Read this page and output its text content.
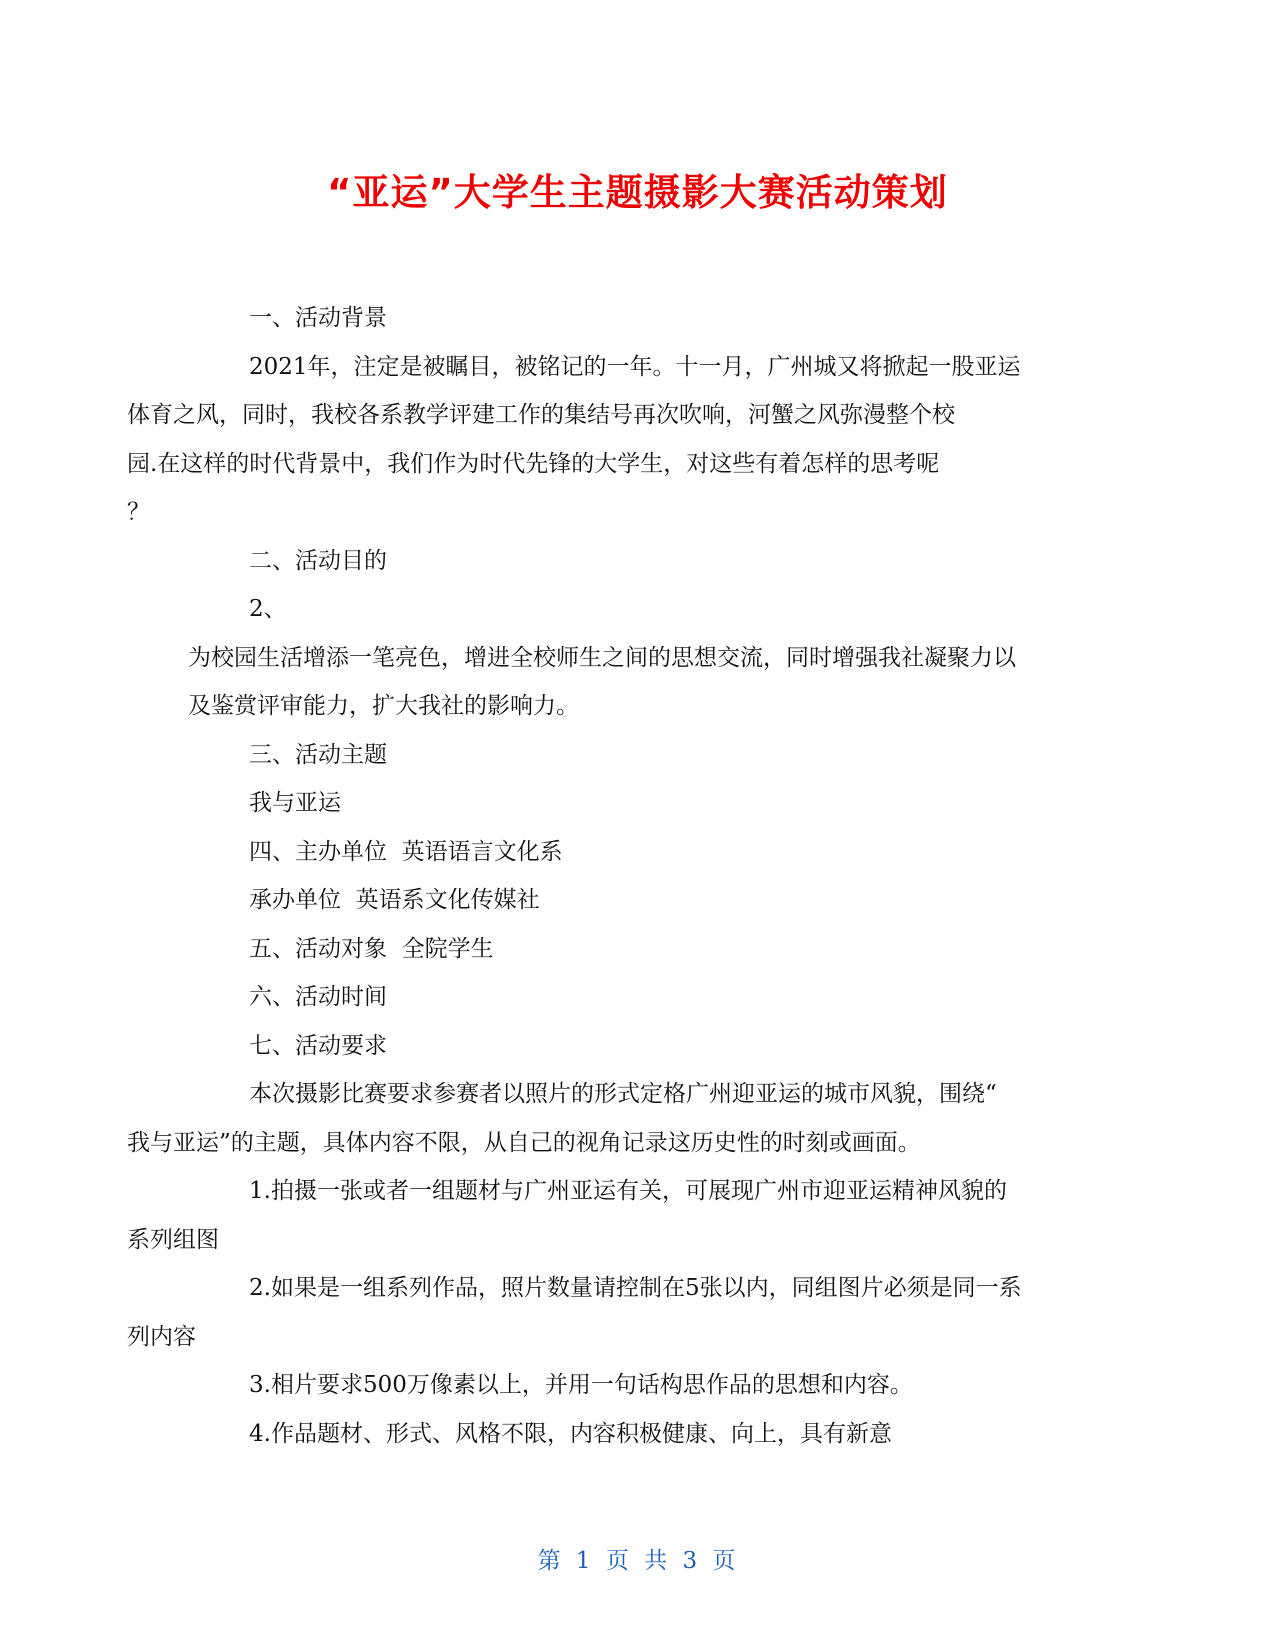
“亚运”大学生主题摄影大赛活动策划

一、活动背景

2021年，注定是被瞩目，被铭记的一年。十一月，广州城又将掀起一股亚运
体育之风，同时，我校各系教学评建工作的集结号再次吹响，河蟹之风弥漫整个校
园.在这样的时代背景中，我们作为时代先锋的大学生，对这些有着怎样的思考呢
？

二、活动目的

2、

为校园生活增添一笔亮色，增进全校师生之间的思想交流，同时增强我社凝聚力以
及鉴赏评审能力，扩大我社的影响力。

三、活动主题

我与亚运

四、主办单位  英语语言文化系

承办单位  英语系文化传媒社

五、活动对象  全院学生

六、活动时间

七、活动要求

本次摄影比赛要求参赛者以照片的形式定格广州迎亚运的城市风貌，围绕“
我与亚运”的主题，具体内容不限，从自己的视角记录这历史性的时刻或画面。

1.拍摄一张或者一组题材与广州亚运有关，可展现广州市迎亚运精神风貌的
系列组图

2.如果是一组系列作品，照片数量请控制在5张以内，同组图片必须是同一系
列内容

3.相片要求500万像素以上，并用一句话构思作品的思想和内容。

4.作品题材、形式、风格不限，内容积极健康、向上，具有新意

第 1 页 共 3 页
